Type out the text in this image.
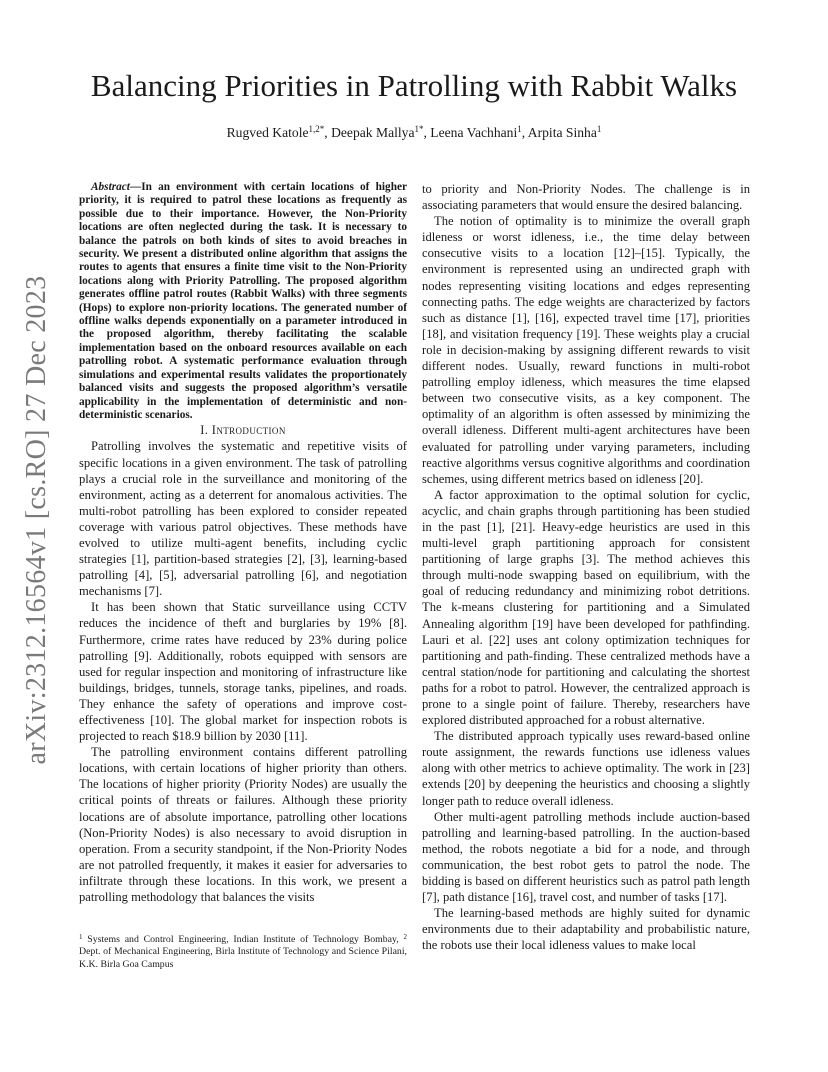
arXiv:2312.16564v1 [cs.RO] 27 Dec 2023
Balancing Priorities in Patrolling with Rabbit Walks
Rugved Katole$^{1,2*}$, Deepak Mallya$^{1*}$, Leena Vachhani$^1$, Arpita Sinha$^1$

Abstract—In an environment with certain locations of higher priority, it is required to patrol these locations as frequently as possible due to their importance. However, the Non-Priority locations are often neglected during the task. It is necessary to balance the patrols on both kinds of sites to avoid breaches in security. We present a distributed online algorithm that assigns the routes to agents that ensures a finite time visit to the Non-Priority locations along with Priority Patrolling. The proposed algorithm generates offline patrol routes (Rabbit Walks) with three segments (Hops) to explore non-priority locations. The generated number of offline walks depends exponentially on a parameter introduced in the proposed algorithm, thereby facilitating the scalable implementation based on the onboard resources available on each patrolling robot. A systematic performance evaluation through simulations and experimental results validates the proportionately balanced visits and suggests the proposed algorithm’s versatile applicability in the implementation of deterministic and non-deterministic scenarios.

I. Introduction

Patrolling involves the systematic and repetitive visits of specific locations in a given environment. The task of patrolling plays a crucial role in the surveillance and monitoring of the environment, acting as a deterrent for anomalous activities. The multi-robot patrolling has been explored to consider repeated coverage with various patrol objectives. These methods have evolved to utilize multi-agent benefits, including cyclic strategies [1], partition-based strategies [2], [3], learning-based patrolling [4], [5], adversarial patrolling [6], and negotiation mechanisms [7].

It has been shown that Static surveillance using CCTV reduces the incidence of theft and burglaries by 19% [8]. Furthermore, crime rates have reduced by 23% during police patrolling [9]. Additionally, robots equipped with sensors are used for regular inspection and monitoring of infrastructure like buildings, bridges, tunnels, storage tanks, pipelines, and roads. They enhance the safety of operations and improve cost-effectiveness [10]. The global market for inspection robots is projected to reach $18.9 billion by 2030 [11].

The patrolling environment contains different patrolling locations, with certain locations of higher priority than others. The locations of higher priority (Priority Nodes) are usually the critical points of threats or failures. Although these priority locations are of absolute importance, patrolling other locations (Non-Priority Nodes) is also necessary to avoid disruption in operation. From a security standpoint, if the Non-Priority Nodes are not patrolled frequently, it makes it easier for adversaries to infiltrate through these locations. In this work, we present a patrolling methodology that balances the visits

$^1$ Systems and Control Engineering, Indian Institute of Technology Bombay, $^2$ Dept. of Mechanical Engineering, Birla Institute of Technology and Science Pilani, K.K. Birla Goa Campus

to priority and Non-Priority Nodes. The challenge is in associating parameters that would ensure the desired balancing.

The notion of optimality is to minimize the overall graph idleness or worst idleness, i.e., the time delay between consecutive visits to a location [12]–[15]. Typically, the environment is represented using an undirected graph with nodes representing visiting locations and edges representing connecting paths. The edge weights are characterized by factors such as distance [1], [16], expected travel time [17], priorities [18], and visitation frequency [19]. These weights play a crucial role in decision-making by assigning different rewards to visit different nodes. Usually, reward functions in multi-robot patrolling employ idleness, which measures the time elapsed between two consecutive visits, as a key component. The optimality of an algorithm is often assessed by minimizing the overall idleness. Different multi-agent architectures have been evaluated for patrolling under varying parameters, including reactive algorithms versus cognitive algorithms and coordination schemes, using different metrics based on idleness [20].

A factor approximation to the optimal solution for cyclic, acyclic, and chain graphs through partitioning has been studied in the past [1], [21]. Heavy-edge heuristics are used in this multi-level graph partitioning approach for consistent partitioning of large graphs [3]. The method achieves this through multi-node swapping based on equilibrium, with the goal of reducing redundancy and minimizing robot detritions. The k-means clustering for partitioning and a Simulated Annealing algorithm [19] have been developed for pathfinding. Lauri et al. [22] uses ant colony optimization techniques for partitioning and path-finding. These centralized methods have a central station/node for partitioning and calculating the shortest paths for a robot to patrol. However, the centralized approach is prone to a single point of failure. Thereby, researchers have explored distributed approached for a robust alternative.

The distributed approach typically uses reward-based online route assignment, the rewards functions use idleness values along with other metrics to achieve optimality. The work in [23] extends [20] by deepening the heuristics and choosing a slightly longer path to reduce overall idleness.

Other multi-agent patrolling methods include auction-based patrolling and learning-based patrolling. In the auction-based method, the robots negotiate a bid for a node, and through communication, the best robot gets to patrol the node. The bidding is based on different heuristics such as patrol path length [7], path distance [16], travel cost, and number of tasks [17].

The learning-based methods are highly suited for dynamic environments due to their adaptability and probabilistic nature, the robots use their local idleness values to make local
